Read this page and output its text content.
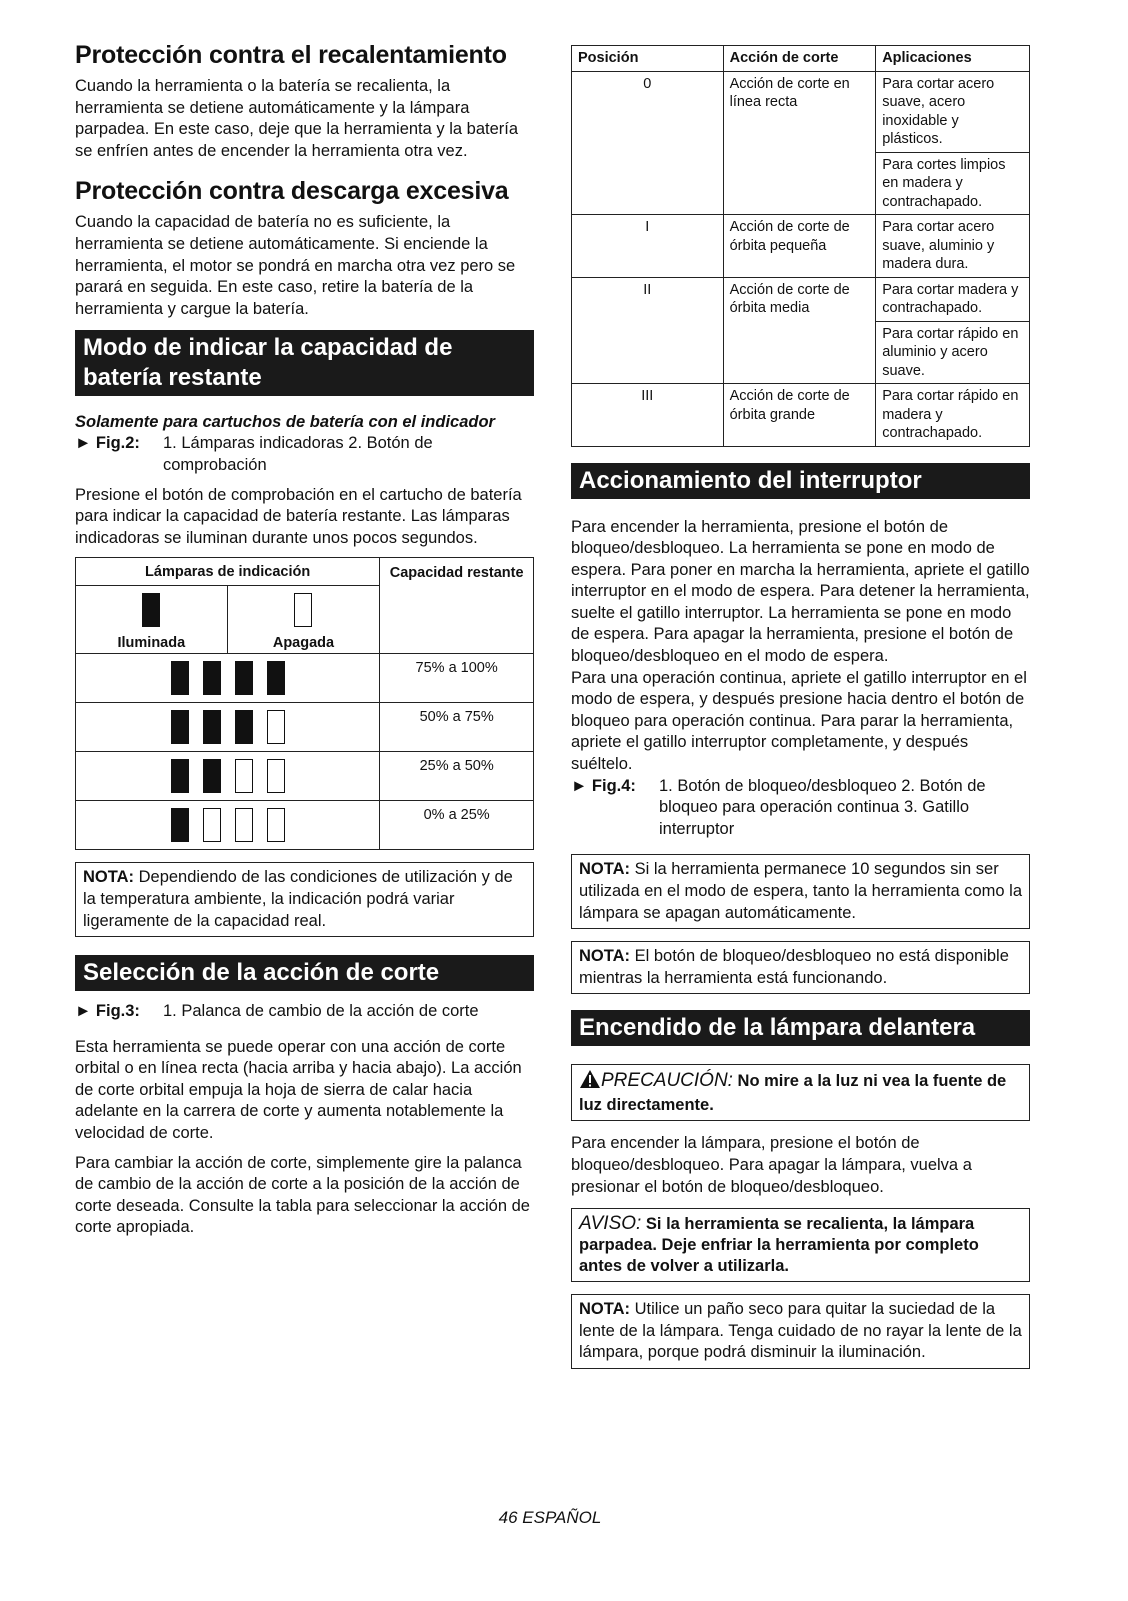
Protección contra el recalentamiento

Cuando la herramienta o la batería se recalienta, la herramienta se detiene automáticamente y la lámpara parpadea. En este caso, deje que la herramienta y la batería se enfríen antes de encender la herramienta otra vez.

Protección contra descarga excesiva

Cuando la capacidad de batería no es suficiente, la herramienta se detiene automáticamente. Si enciende la herramienta, el motor se pondrá en marcha otra vez pero se parará en seguida. En este caso, retire la batería de la herramienta y cargue la batería.

Modo de indicar la capacidad de batería restante
Solamente para cartuchos de batería con el indicador
► Fig.2:	1. Lámparas indicadoras 2. Botón de comprobación

Presione el botón de comprobación en el cartucho de batería para indicar la capacidad de batería restante. Las lámparas indicadoras se iluminan durante unos pocos segundos.

Lámparas de indicación		Capacidad restante

Iluminada	Apagada	
		75% a 100%
		50% a 75%
		25% a 50%
		0% a 25%
NOTA: Dependiendo de las condiciones de utilización y de la temperatura ambiente, la indicación podrá variar ligeramente de la capacidad real.
Selección de la acción de corte
► Fig.3:	1. Palanca de cambio de la acción de corte

Esta herramienta se puede operar con una acción de corte orbital o en línea recta (hacia arriba y hacia abajo). La acción de corte orbital empuja la hoja de sierra de calar hacia adelante en la carrera de corte y aumenta notablemente la velocidad de corte.

Para cambiar la acción de corte, simplemente gire la palanca de cambio de la acción de corte a la posición de la acción de corte deseada. Consulte la tabla para seleccionar la acción de corte apropiada.

Posición	Acción de corte	Aplicaciones
0	Acción de corte en línea recta	Para cortar acero suave, acero inoxidable y plásticos.
		Para cortes limpios en madera y contrachapado.
I	Acción de corte de órbita pequeña	Para cortar acero suave, aluminio y madera dura.
II	Acción de corte de órbita media	Para cortar madera y contrachapado.
		Para cortar rápido en aluminio y acero suave.
III	Acción de corte de órbita grande	Para cortar rápido en madera y contrachapado.
Accionamiento del interruptor

Para encender la herramienta, presione el botón de bloqueo/desbloqueo. La herramienta se pone en modo de espera. Para poner en marcha la herramienta, apriete el gatillo interruptor en el modo de espera. Para detener la herramienta, suelte el gatillo interruptor. La herramienta se pone en modo de espera. Para apagar la herramienta, presione el botón de bloqueo/desbloqueo en el modo de espera.

Para una operación continua, apriete el gatillo interruptor en el modo de espera, y después presione hacia dentro el botón de bloqueo para operación continua. Para parar la herramienta, apriete el gatillo interruptor completamente, y después suéltelo.

► Fig.4:	1. Botón de bloqueo/desbloqueo 2. Botón de bloqueo para operación continua 3. Gatillo interruptor
NOTA: Si la herramienta permanece 10 segundos sin ser utilizada en el modo de espera, tanto la herramienta como la lámpara se apagan automáticamente.
NOTA: El botón de bloqueo/desbloqueo no está disponible mientras la herramienta está funcionando.
Encendido de la lámpara delantera
PRECAUCIÓN: No mire a la luz ni vea la fuente de luz directamente.

Para encender la lámpara, presione el botón de bloqueo/desbloqueo. Para apagar la lámpara, vuelva a presionar el botón de bloqueo/desbloqueo.

AVISO: Si la herramienta se recalienta, la lámpara parpadea. Deje enfriar la herramienta por completo antes de volver a utilizarla.
NOTA: Utilice un paño seco para quitar la suciedad de la lente de la lámpara. Tenga cuidado de no rayar la lente de la lámpara, porque podrá disminuir la iluminación.
46 ESPAÑOL
